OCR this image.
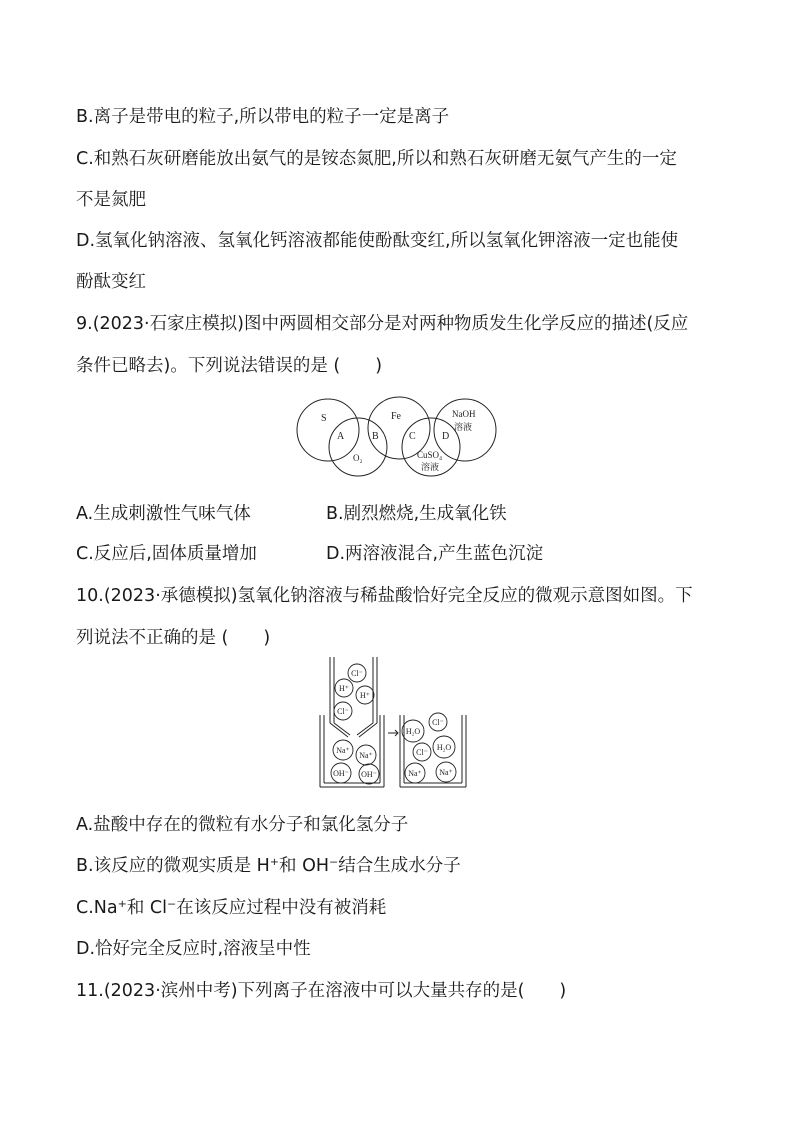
B.离子是带电的粒子,所以带电的粒子一定是离子
C.和熟石灰研磨能放出氨气的是铵态氮肥,所以和熟石灰研磨无氨气产生的一定
不是氮肥
D.氢氧化钠溶液、氢氧化钙溶液都能使酚酞变红,所以氢氧化钾溶液一定也能使
酚酞变红
9.(2023·石家庄模拟)图中两圆相交部分是对两种物质发生化学反应的描述(反应
条件已略去)。下列说法错误的是 (　　)
S
A	B
Fe
C	D
NaOH
溶液
O₂	CuSO₄
溶液
A.生成刺激性气味气体	B.剧烈燃烧,生成氧化铁
C.反应后,固体质量增加	D.两溶液混合,产生蓝色沉淀
10.(2023·承德模拟)氢氧化钠溶液与稀盐酸恰好完全反应的微观示意图如图。下
列说法不正确的是 (　　)
Cl⁻
H⁺
H⁺
Cl⁻
Na⁺
Na⁺
OH⁻ OH⁻
H₂O
Cl⁻
Cl⁻
H₂O
Na⁺ Na⁺
A.盐酸中存在的微粒有水分子和氯化氢分子
B.该反应的微观实质是 H⁺和 OH⁻结合生成水分子
C.Na⁺和 Cl⁻在该反应过程中没有被消耗
D.恰好完全反应时,溶液呈中性
11.(2023·滨州中考)下列离子在溶液中可以大量共存的是(　　)
